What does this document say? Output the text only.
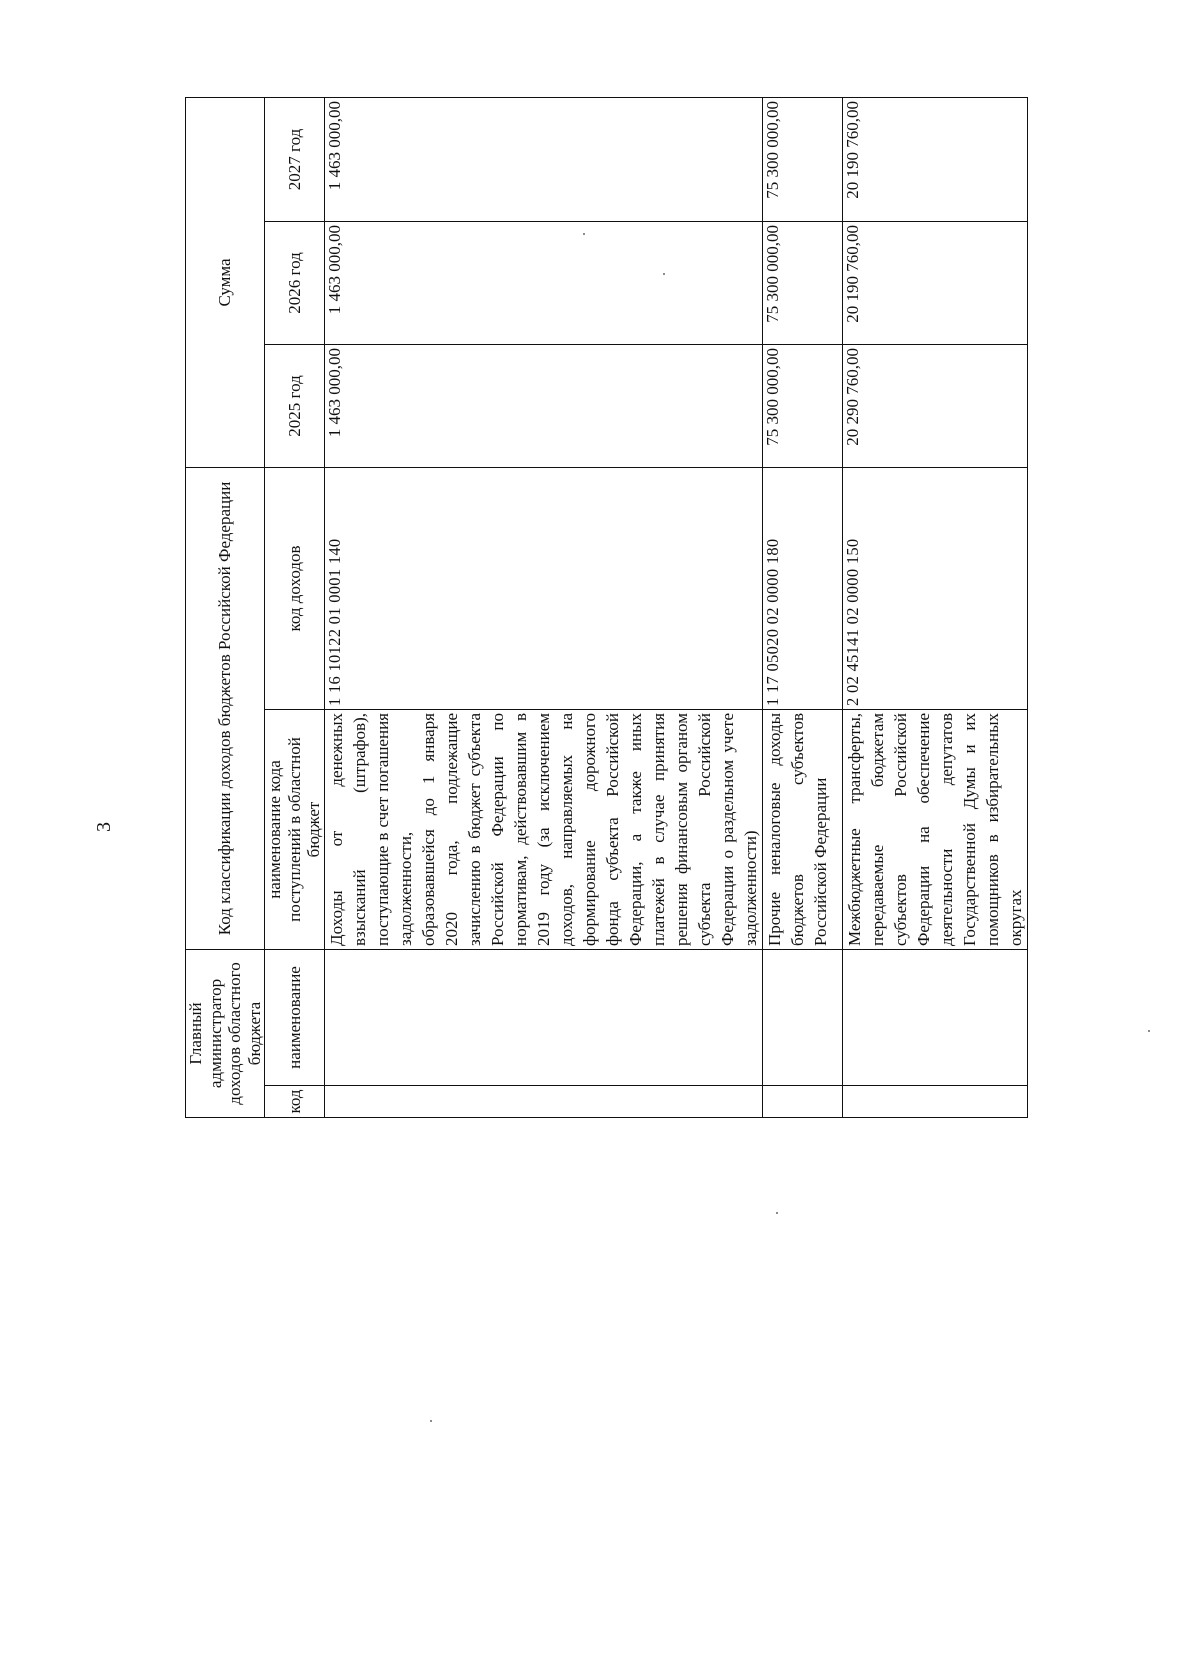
3
Главный администратор доходов областного бюджета		Код классификации доходов бюджетов Российской Федерации		Сумма		
код	наименование	наименование кода поступлений в областной бюджет	код доходов	2025 год	2026 год	2027 год
		Доходы от денежных взысканий (штрафов), поступающие в счет погашения задолженности, образовавшейся до 1 января 2020 года, подлежащие зачислению в бюджет субъекта Российской Федерации по нормативам, действовавшим в 2019 году (за исключением доходов, направляемых на формирование дорожного фонда субъекта Российской Федерации, а также иных платежей в случае принятия решения финансовым органом субъекта Российской Федерации о раздельном учете задолженности)	1 16 10122 01 0001 140	1 463 000,00	1 463 000,00	1 463 000,00
		Прочие неналоговые доходы бюджетов субъектов Российской Федерации	1 17 05020 02 0000 180	75 300 000,00	75 300 000,00	75 300 000,00
		Межбюджетные трансферты, передаваемые бюджетам субъектов Российской Федерации на обеспечение деятельности депутатов Государственной Думы и их помощников в избирательных округах	2 02 45141 02 0000 150	20 290 760,00	20 190 760,00	20 190 760,00
